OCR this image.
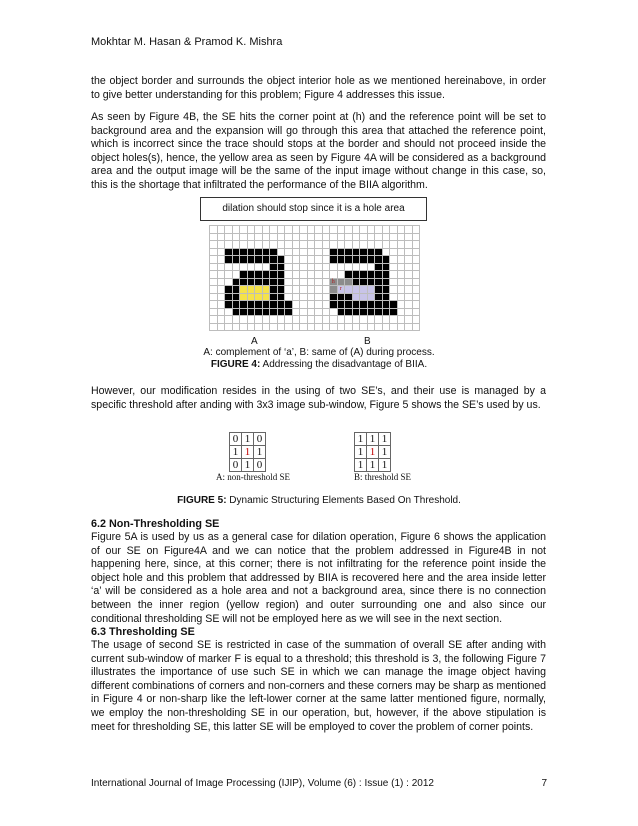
Mokhtar M. Hasan & Pramod K. Mishra

the object border and surrounds the object interior hole as we mentioned hereinabove, in order to give better understanding for this problem; Figure 4 addresses this issue.

As seen by Figure 4B, the SE hits the corner point at (h) and the reference point will be set to background area and the expansion will go through this area that attached the reference point, which is incorrect since the trace should stops at the border and should not proceed inside the object holes(s), hence, the yellow area as seen by Figure 4A will be considered as a background area and the output image will be the same of the input image without change in this case, so, this is the shortage that infiltrated the performance of the BIIA algorithm.

dilation should stop since it is a hole area
h
r
A	B
A: complement of ‘a’, B: same of (A) during process.
FIGURE 4: Addressing the disadvantage of BIIA.

However, our modification resides in the using of two SE’s, and their use is managed by a specific threshold after anding with 3x3 image sub-window, Figure 5 shows the SE’s used by us.

0	1	0
1	1	1
0	1	0
1	1	1
1	1	1
1	1	1
A: non-threshold SE	B: threshold SE
FIGURE 5: Dynamic Structuring Elements Based On Threshold.

6.2 Non-Thresholding SE

Figure 5A is used by us as a general case for dilation operation, Figure 6 shows the application of our SE on Figure4A and we can notice that the problem addressed in Figure4B in not happening here, since, at this corner; there is not infiltrating for the reference point inside the object hole and this problem that addressed by BIIA is recovered here and the area inside letter ‘a’ will be considered as a hole area and not a background area, since there is no connection between the inner region (yellow region) and outer surrounding one and also since our conditional thresholding SE will not be employed here as we will see in the next section.

6.3 Thresholding SE

The usage of second SE is restricted in case of the summation of overall SE after anding with current sub-window of marker F is equal to a threshold; this threshold is 3, the following Figure 7 illustrates the importance of use such SE in which we can manage the image object having different combinations of corners and non-corners and these corners may be sharp as mentioned in Figure 4 or non-sharp like the left-lower corner at the same latter mentioned figure, normally, we employ the non-thresholding SE in our operation, but, however, if the above stipulation is meet for thresholding SE, this latter SE will be employed to cover the problem of corner points.

International Journal of Image Processing (IJIP), Volume (6) : Issue (1) : 2012	7
